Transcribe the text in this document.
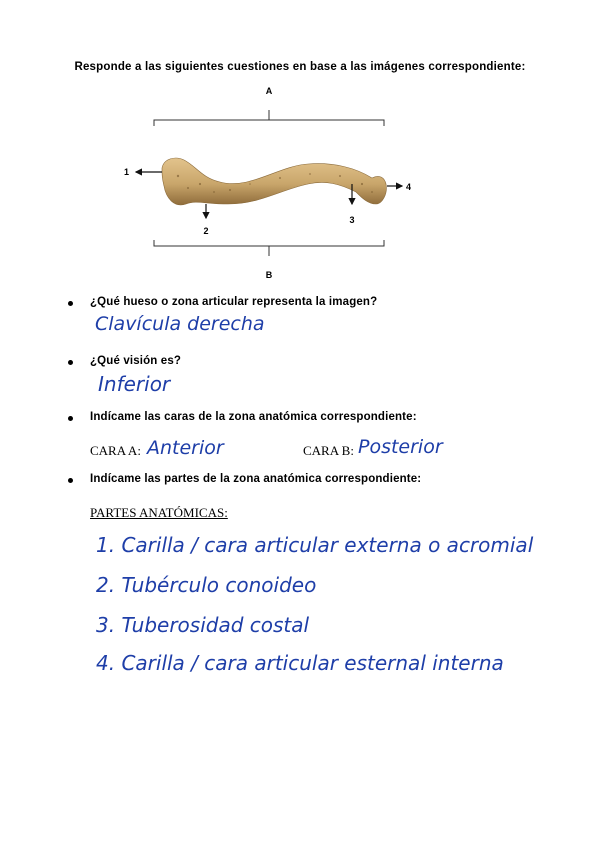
Responde a las siguientes cuestiones en base a las imágenes correspondiente:
A
1
2
3
4
B
¿Qué hueso o zona articular representa la imagen?
Clavícula derecha
¿Qué visión es?
Inferior
Indícame las caras de la zona anatómica correspondiente:
CARA A: Anterior	CARA B: Posterior
Indícame las partes de la zona anatómica correspondiente:
PARTES ANATÓMICAS:
1. Carilla / cara articular externa o acromial
2. Tubérculo conoideo
3. Tuberosidad costal
4. Carilla / cara articular esternal interna
